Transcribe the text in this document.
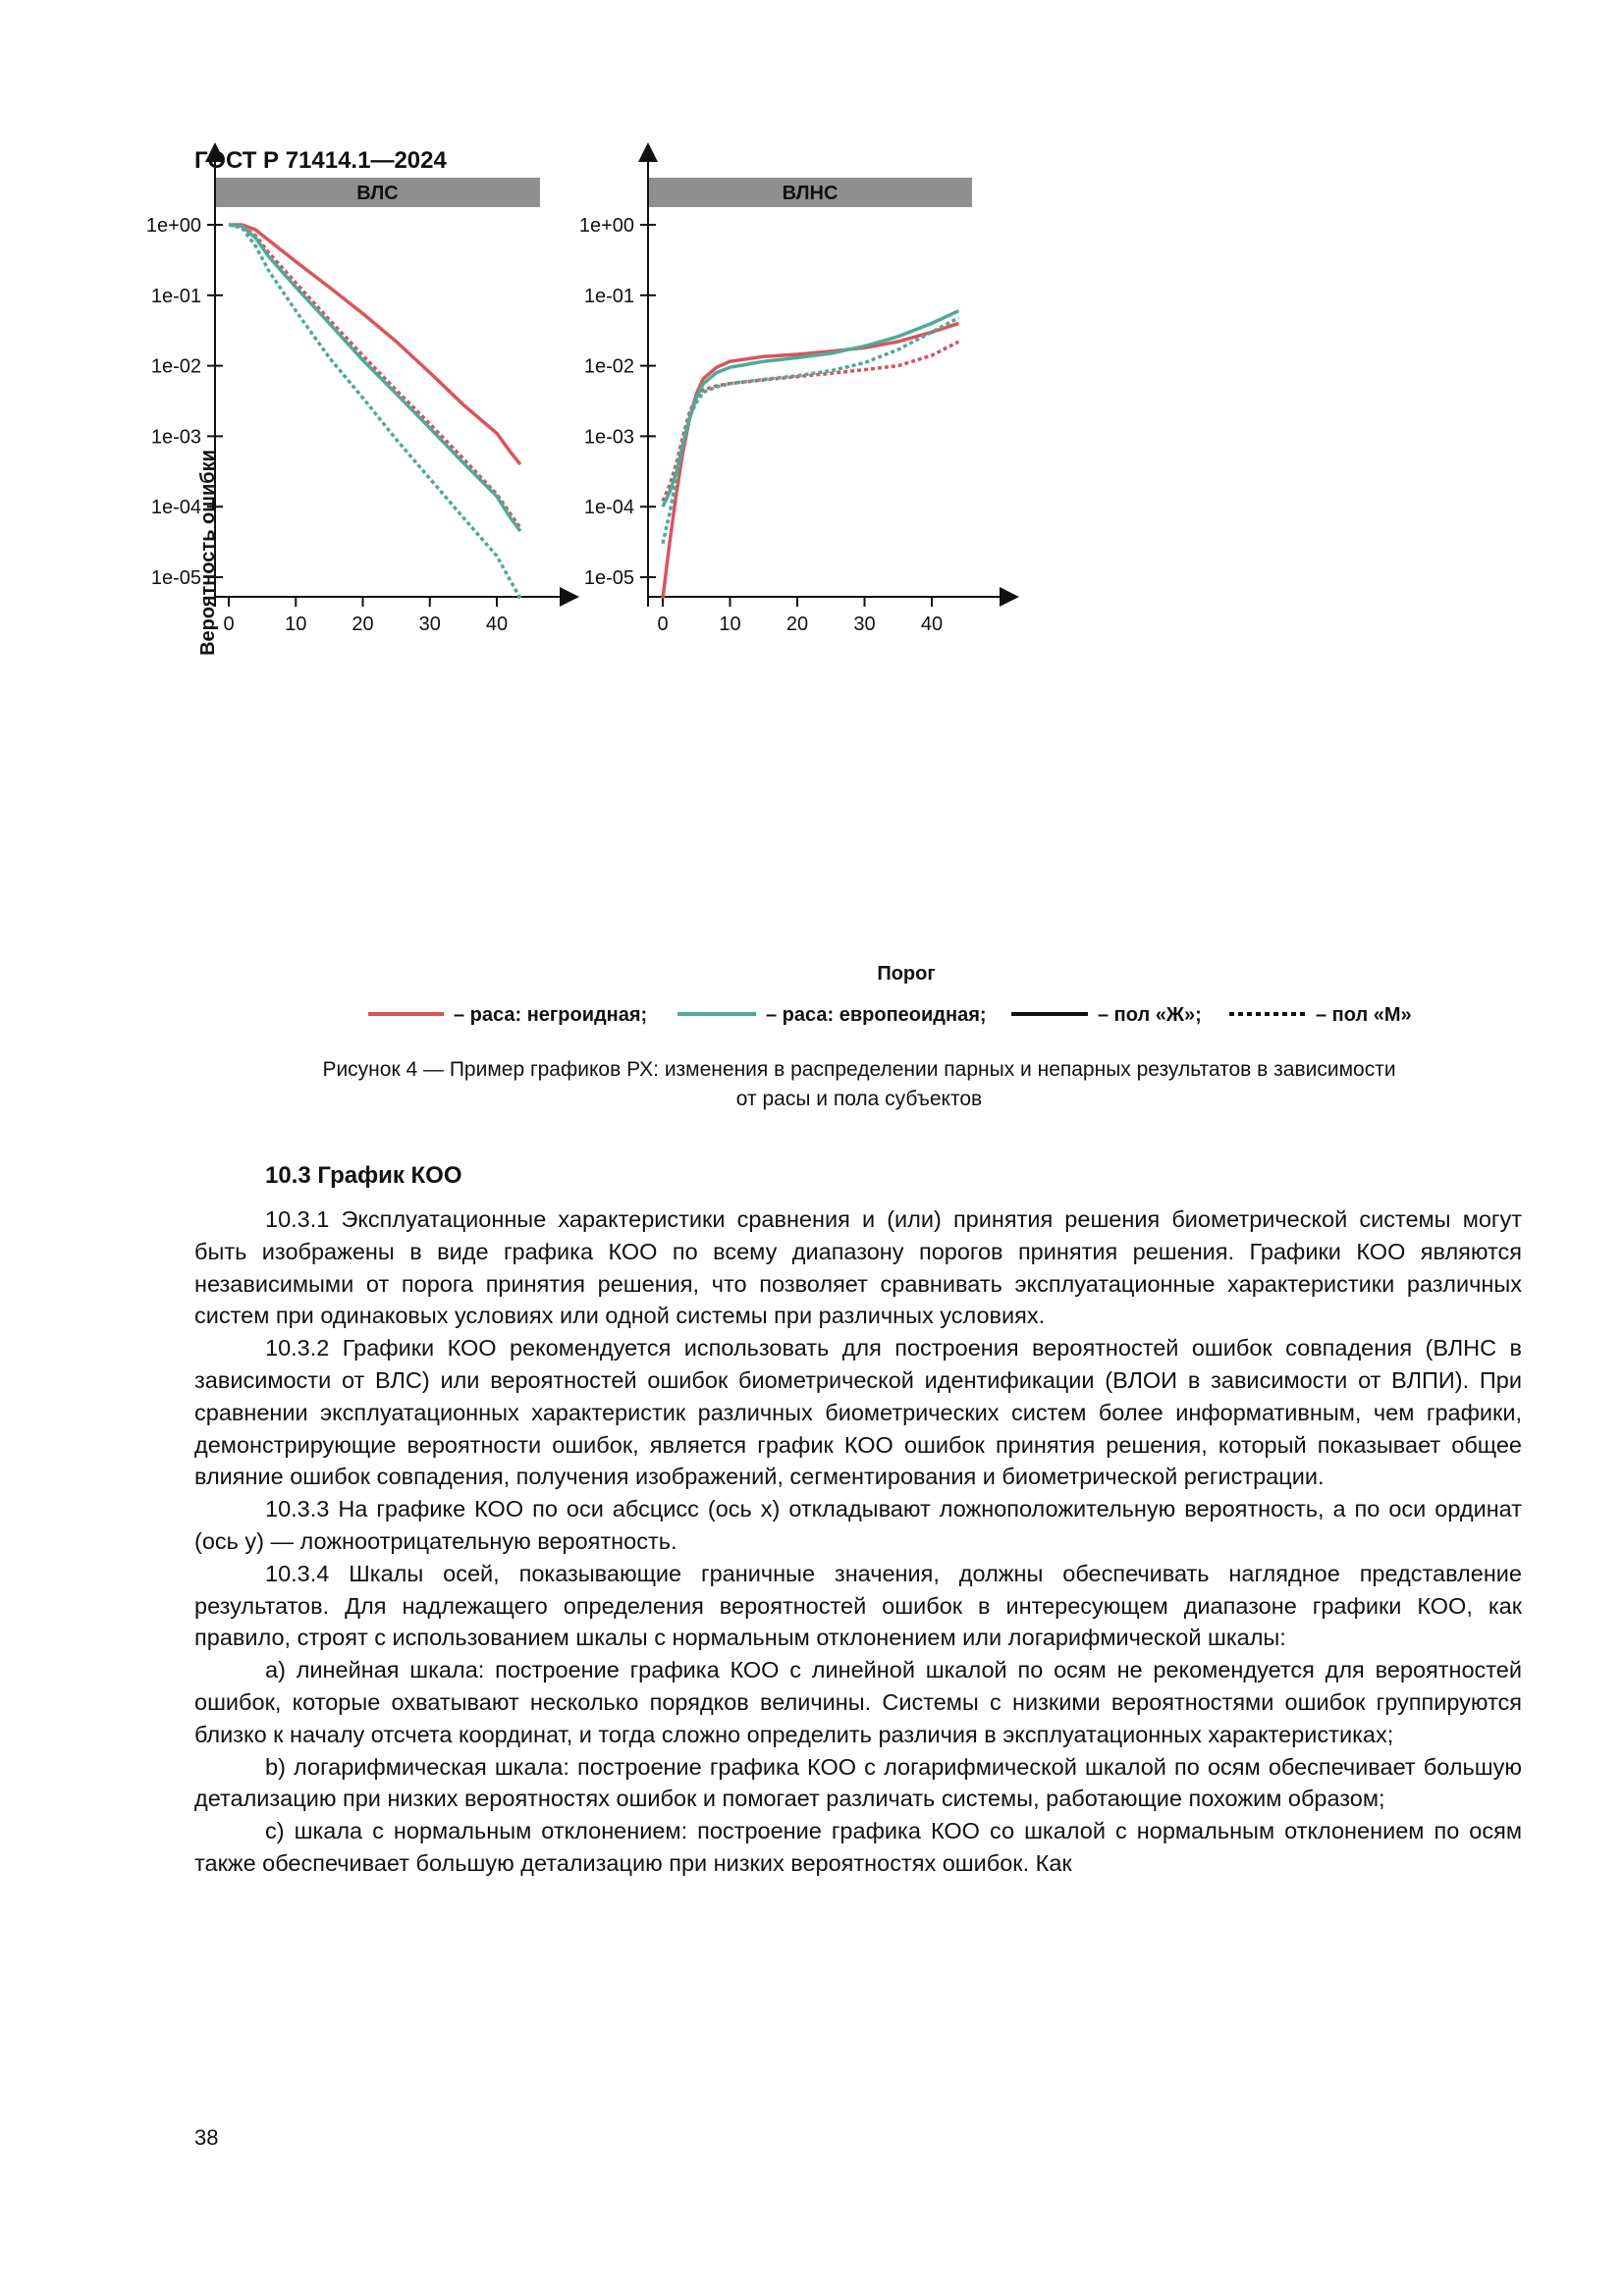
ГОСТ Р 71414.1—2024
ВЛС
1e+00
1e-01
1e-02
1e-03
1e-04
1e-05
0	10 20 30 40
ВЛНС
1e+00
1e-01
1e-02
1e-03
1e-04
1e-05
0	10 20 30 40
Вероятность ошибки
Порог
– раса: негроидная;	– раса: европеоидная;	– пол «Ж»;	– пол «М»
Рисунок 4 — Пример графиков РХ: изменения в распределении парных и непарных результатов в зависимости
от расы и пола субъектов
10.3 График КОО

10.3.1 Эксплуатационные характеристики сравнения и (или) принятия решения биометрической системы могут быть изображены в виде графика КОО по всему диапазону порогов принятия решения. Графики КОО являются независимыми от порога принятия решения, что позволяет сравнивать эксплуатационные характеристики различных систем при одинаковых условиях или одной системы при различных условиях.

10.3.2 Графики КОО рекомендуется использовать для построения вероятностей ошибок совпадения (ВЛНС в зависимости от ВЛС) или вероятностей ошибок биометрической идентификации (ВЛОИ в зависимости от ВЛПИ). При сравнении эксплуатационных характеристик различных биометрических систем более информативным, чем графики, демонстрирующие вероятности ошибок, является график КОО ошибок принятия решения, который показывает общее влияние ошибок совпадения, получения изображений, сегментирования и биометрической регистрации.

10.3.3 На графике КОО по оси абсцисс (ось x) откладывают ложноположительную вероятность, а по оси ординат (ось y) — ложноотрицательную вероятность.

10.3.4 Шкалы осей, показывающие граничные значения, должны обеспечивать наглядное представление результатов. Для надлежащего определения вероятностей ошибок в интересующем диапазоне графики КОО, как правило, строят с использованием шкалы с нормальным отклонением или логарифмической шкалы:

а) линейная шкала: построение графика КОО с линейной шкалой по осям не рекомендуется для вероятностей ошибок, которые охватывают несколько порядков величины. Системы с низкими вероятностями ошибок группируются близко к началу отсчета координат, и тогда сложно определить различия в эксплуатационных характеристиках;

b) логарифмическая шкала: построение графика КОО с логарифмической шкалой по осям обеспечивает большую детализацию при низких вероятностях ошибок и помогает различать системы, работающие похожим образом;

c) шкала с нормальным отклонением: построение графика КОО со шкалой с нормальным отклонением по осям также обеспечивает большую детализацию при низких вероятностях ошибок. Как

38
